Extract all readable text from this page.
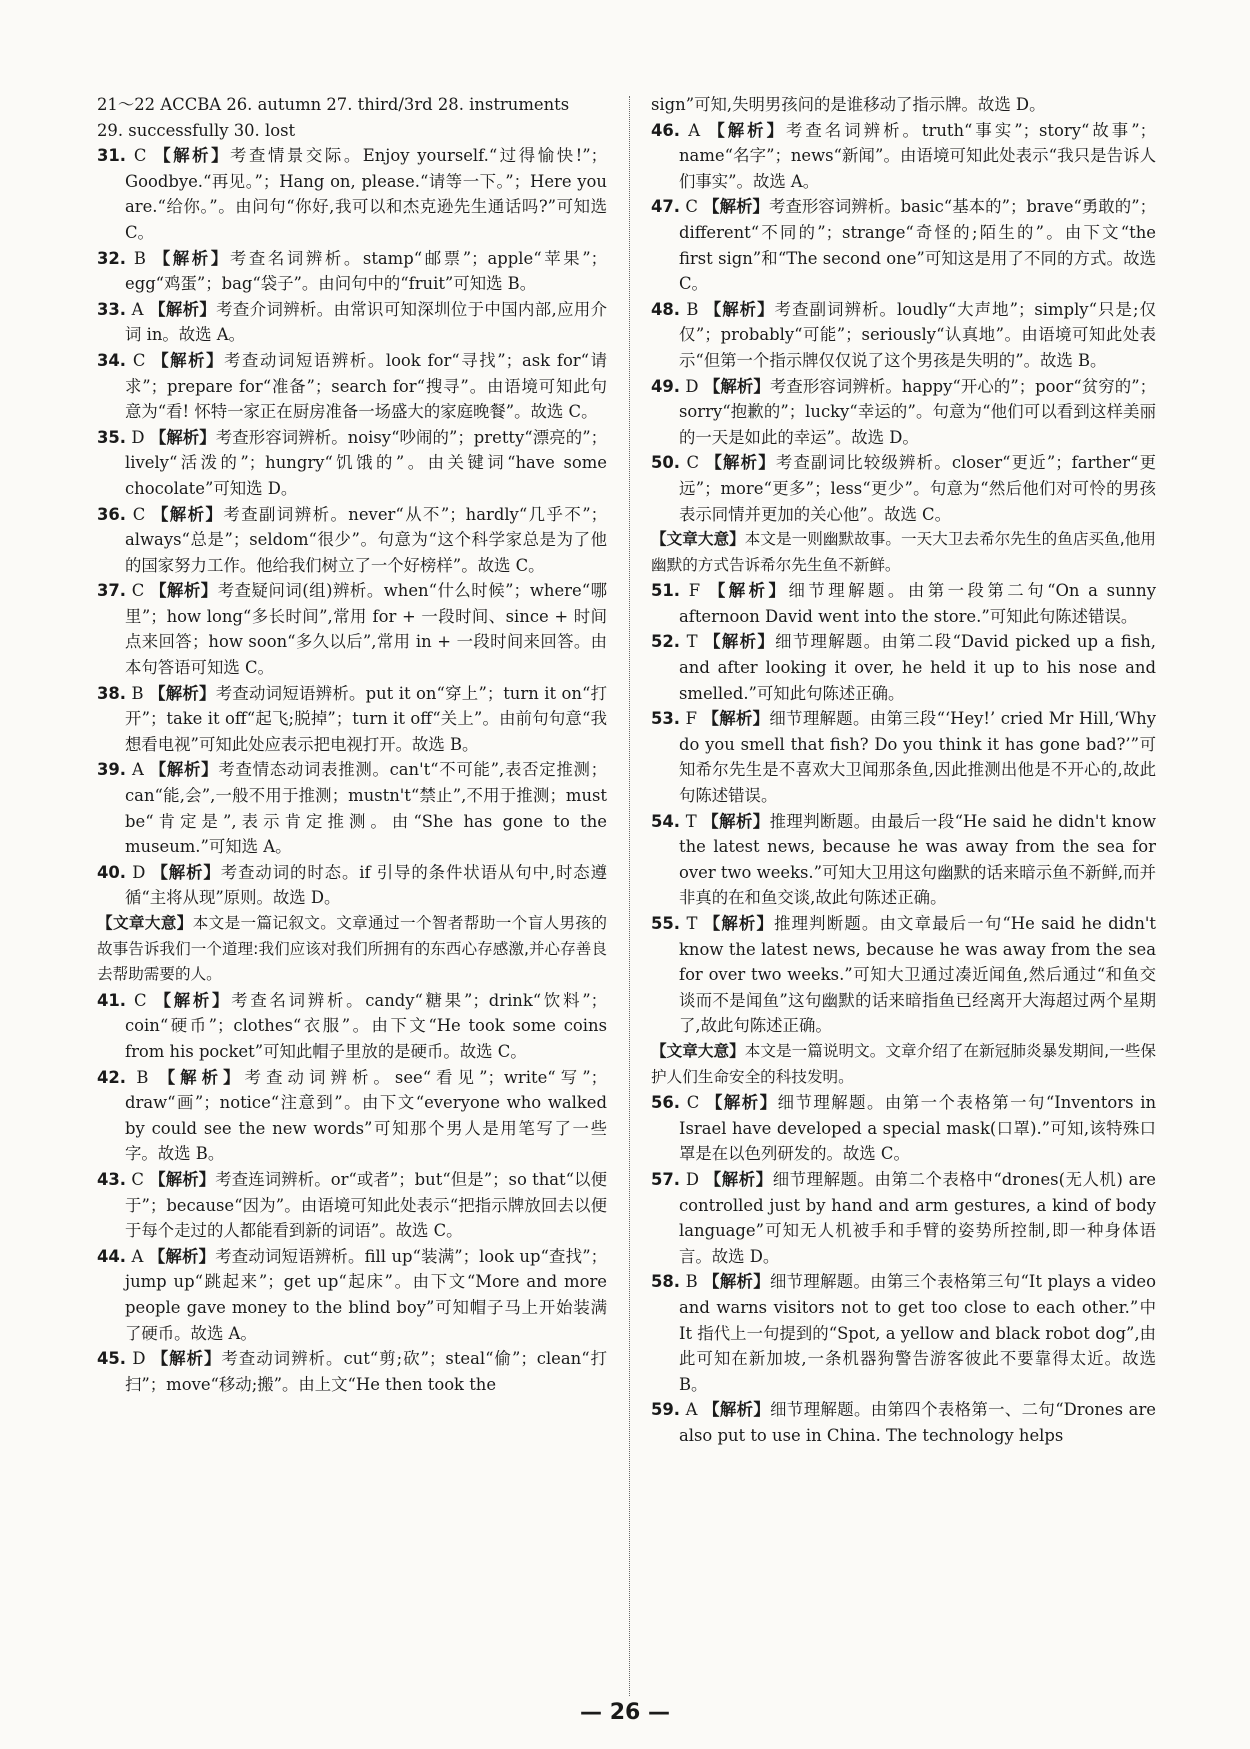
21～22 ACCBA 26. autumn 27. third/3rd 28. instruments
29. successfully 30. lost
31. C 【解析】考查情景交际。Enjoy yourself.“过得愉快!”；Goodbye.“再见。”；Hang on, please.“请等一下。”；Here you are.“给你。”。由问句“你好,我可以和杰克逊先生通话吗?”可知选 C。
32. B 【解析】考查名词辨析。stamp“邮票”；apple“苹果”；egg“鸡蛋”；bag“袋子”。由问句中的“fruit”可知选 B。
33. A 【解析】考查介词辨析。由常识可知深圳位于中国内部,应用介词 in。故选 A。
34. C 【解析】考查动词短语辨析。look for“寻找”；ask for“请求”；prepare for“准备”；search for“搜寻”。由语境可知此句意为“看! 怀特一家正在厨房准备一场盛大的家庭晚餐”。故选 C。
35. D 【解析】考查形容词辨析。noisy“吵闹的”；pretty“漂亮的”；lively“活泼的”；hungry“饥饿的”。由关键词“have some chocolate”可知选 D。
36. C 【解析】考查副词辨析。never“从不”；hardly“几乎不”；always“总是”；seldom“很少”。句意为“这个科学家总是为了他的国家努力工作。他给我们树立了一个好榜样”。故选 C。
37. C 【解析】考查疑问词(组)辨析。when“什么时候”；where“哪里”；how long“多长时间”,常用 for + 一段时间、since + 时间点来回答；how soon“多久以后”,常用 in + 一段时间来回答。由本句答语可知选 C。
38. B 【解析】考查动词短语辨析。put it on“穿上”；turn it on“打开”；take it off“起飞;脱掉”；turn it off“关上”。由前句句意“我想看电视”可知此处应表示把电视打开。故选 B。
39. A 【解析】考查情态动词表推测。can't“不可能”,表否定推测；can“能,会”,一般不用于推测；mustn't“禁止”,不用于推测；must be“肯定是”,表示肯定推测。由“She has gone to the museum.”可知选 A。
40. D 【解析】考查动词的时态。if 引导的条件状语从句中,时态遵循“主将从现”原则。故选 D。
【文章大意】本文是一篇记叙文。文章通过一个智者帮助一个盲人男孩的故事告诉我们一个道理:我们应该对我们所拥有的东西心存感激,并心存善良去帮助需要的人。
41. C 【解析】考查名词辨析。candy“糖果”；drink“饮料”；coin“硬币”；clothes“衣服”。由下文“He took some coins from his pocket”可知此帽子里放的是硬币。故选 C。
42. B 【解析】考查动词辨析。see“看见”；write“写”；draw“画”；notice“注意到”。由下文“everyone who walked by could see the new words”可知那个男人是用笔写了一些字。故选 B。
43. C 【解析】考查连词辨析。or“或者”；but“但是”；so that“以便于”；because“因为”。由语境可知此处表示“把指示牌放回去以便于每个走过的人都能看到新的词语”。故选 C。
44. A 【解析】考查动词短语辨析。fill up“装满”；look up“查找”；jump up“跳起来”；get up“起床”。由下文“More and more people gave money to the blind boy”可知帽子马上开始装满了硬币。故选 A。
45. D 【解析】考查动词辨析。cut“剪;砍”；steal“偷”；clean“打扫”；move“移动;搬”。由上文“He then took the
sign”可知,失明男孩问的是谁移动了指示牌。故选 D。
46. A 【解析】考查名词辨析。truth“事实”；story“故事”；name“名字”；news“新闻”。由语境可知此处表示“我只是告诉人们事实”。故选 A。
47. C 【解析】考查形容词辨析。basic“基本的”；brave“勇敢的”；different“不同的”；strange“奇怪的;陌生的”。由下文“the first sign”和“The second one”可知这是用了不同的方式。故选 C。
48. B 【解析】考查副词辨析。loudly“大声地”；simply“只是;仅仅”；probably“可能”；seriously“认真地”。由语境可知此处表示“但第一个指示牌仅仅说了这个男孩是失明的”。故选 B。
49. D 【解析】考查形容词辨析。happy“开心的”；poor“贫穷的”；sorry“抱歉的”；lucky“幸运的”。句意为“他们可以看到这样美丽的一天是如此的幸运”。故选 D。
50. C 【解析】考查副词比较级辨析。closer“更近”；farther“更远”；more“更多”；less“更少”。句意为“然后他们对可怜的男孩表示同情并更加的关心他”。故选 C。
【文章大意】本文是一则幽默故事。一天大卫去希尔先生的鱼店买鱼,他用幽默的方式告诉希尔先生鱼不新鲜。
51. F 【解析】细节理解题。由第一段第二句“On a sunny afternoon David went into the store.”可知此句陈述错误。
52. T 【解析】细节理解题。由第二段“David picked up a fish, and after looking it over, he held it up to his nose and smelled.”可知此句陈述正确。
53. F 【解析】细节理解题。由第三段“‘Hey!’ cried Mr Hill,‘Why do you smell that fish? Do you think it has gone bad?’”可知希尔先生是不喜欢大卫闻那条鱼,因此推测出他是不开心的,故此句陈述错误。
54. T 【解析】推理判断题。由最后一段“He said he didn't know the latest news, because he was away from the sea for over two weeks.”可知大卫用这句幽默的话来暗示鱼不新鲜,而并非真的在和鱼交谈,故此句陈述正确。
55. T 【解析】推理判断题。由文章最后一句“He said he didn't know the latest news, because he was away from the sea for over two weeks.”可知大卫通过凑近闻鱼,然后通过“和鱼交谈而不是闻鱼”这句幽默的话来暗指鱼已经离开大海超过两个星期了,故此句陈述正确。
【文章大意】本文是一篇说明文。文章介绍了在新冠肺炎暴发期间,一些保护人们生命安全的科技发明。
56. C 【解析】细节理解题。由第一个表格第一句“Inventors in Israel have developed a special mask(口罩).”可知,该特殊口罩是在以色列研发的。故选 C。
57. D 【解析】细节理解题。由第二个表格中“drones(无人机) are controlled just by hand and arm gestures, a kind of body language”可知无人机被手和手臂的姿势所控制,即一种身体语言。故选 D。
58. B 【解析】细节理解题。由第三个表格第三句“It plays a video and warns visitors not to get too close to each other.”中 It 指代上一句提到的“Spot, a yellow and black robot dog”,由此可知在新加坡,一条机器狗警告游客彼此不要靠得太近。故选 B。
59. A 【解析】细节理解题。由第四个表格第一、二句“Drones are also put to use in China. The technology helps
— 26 —
